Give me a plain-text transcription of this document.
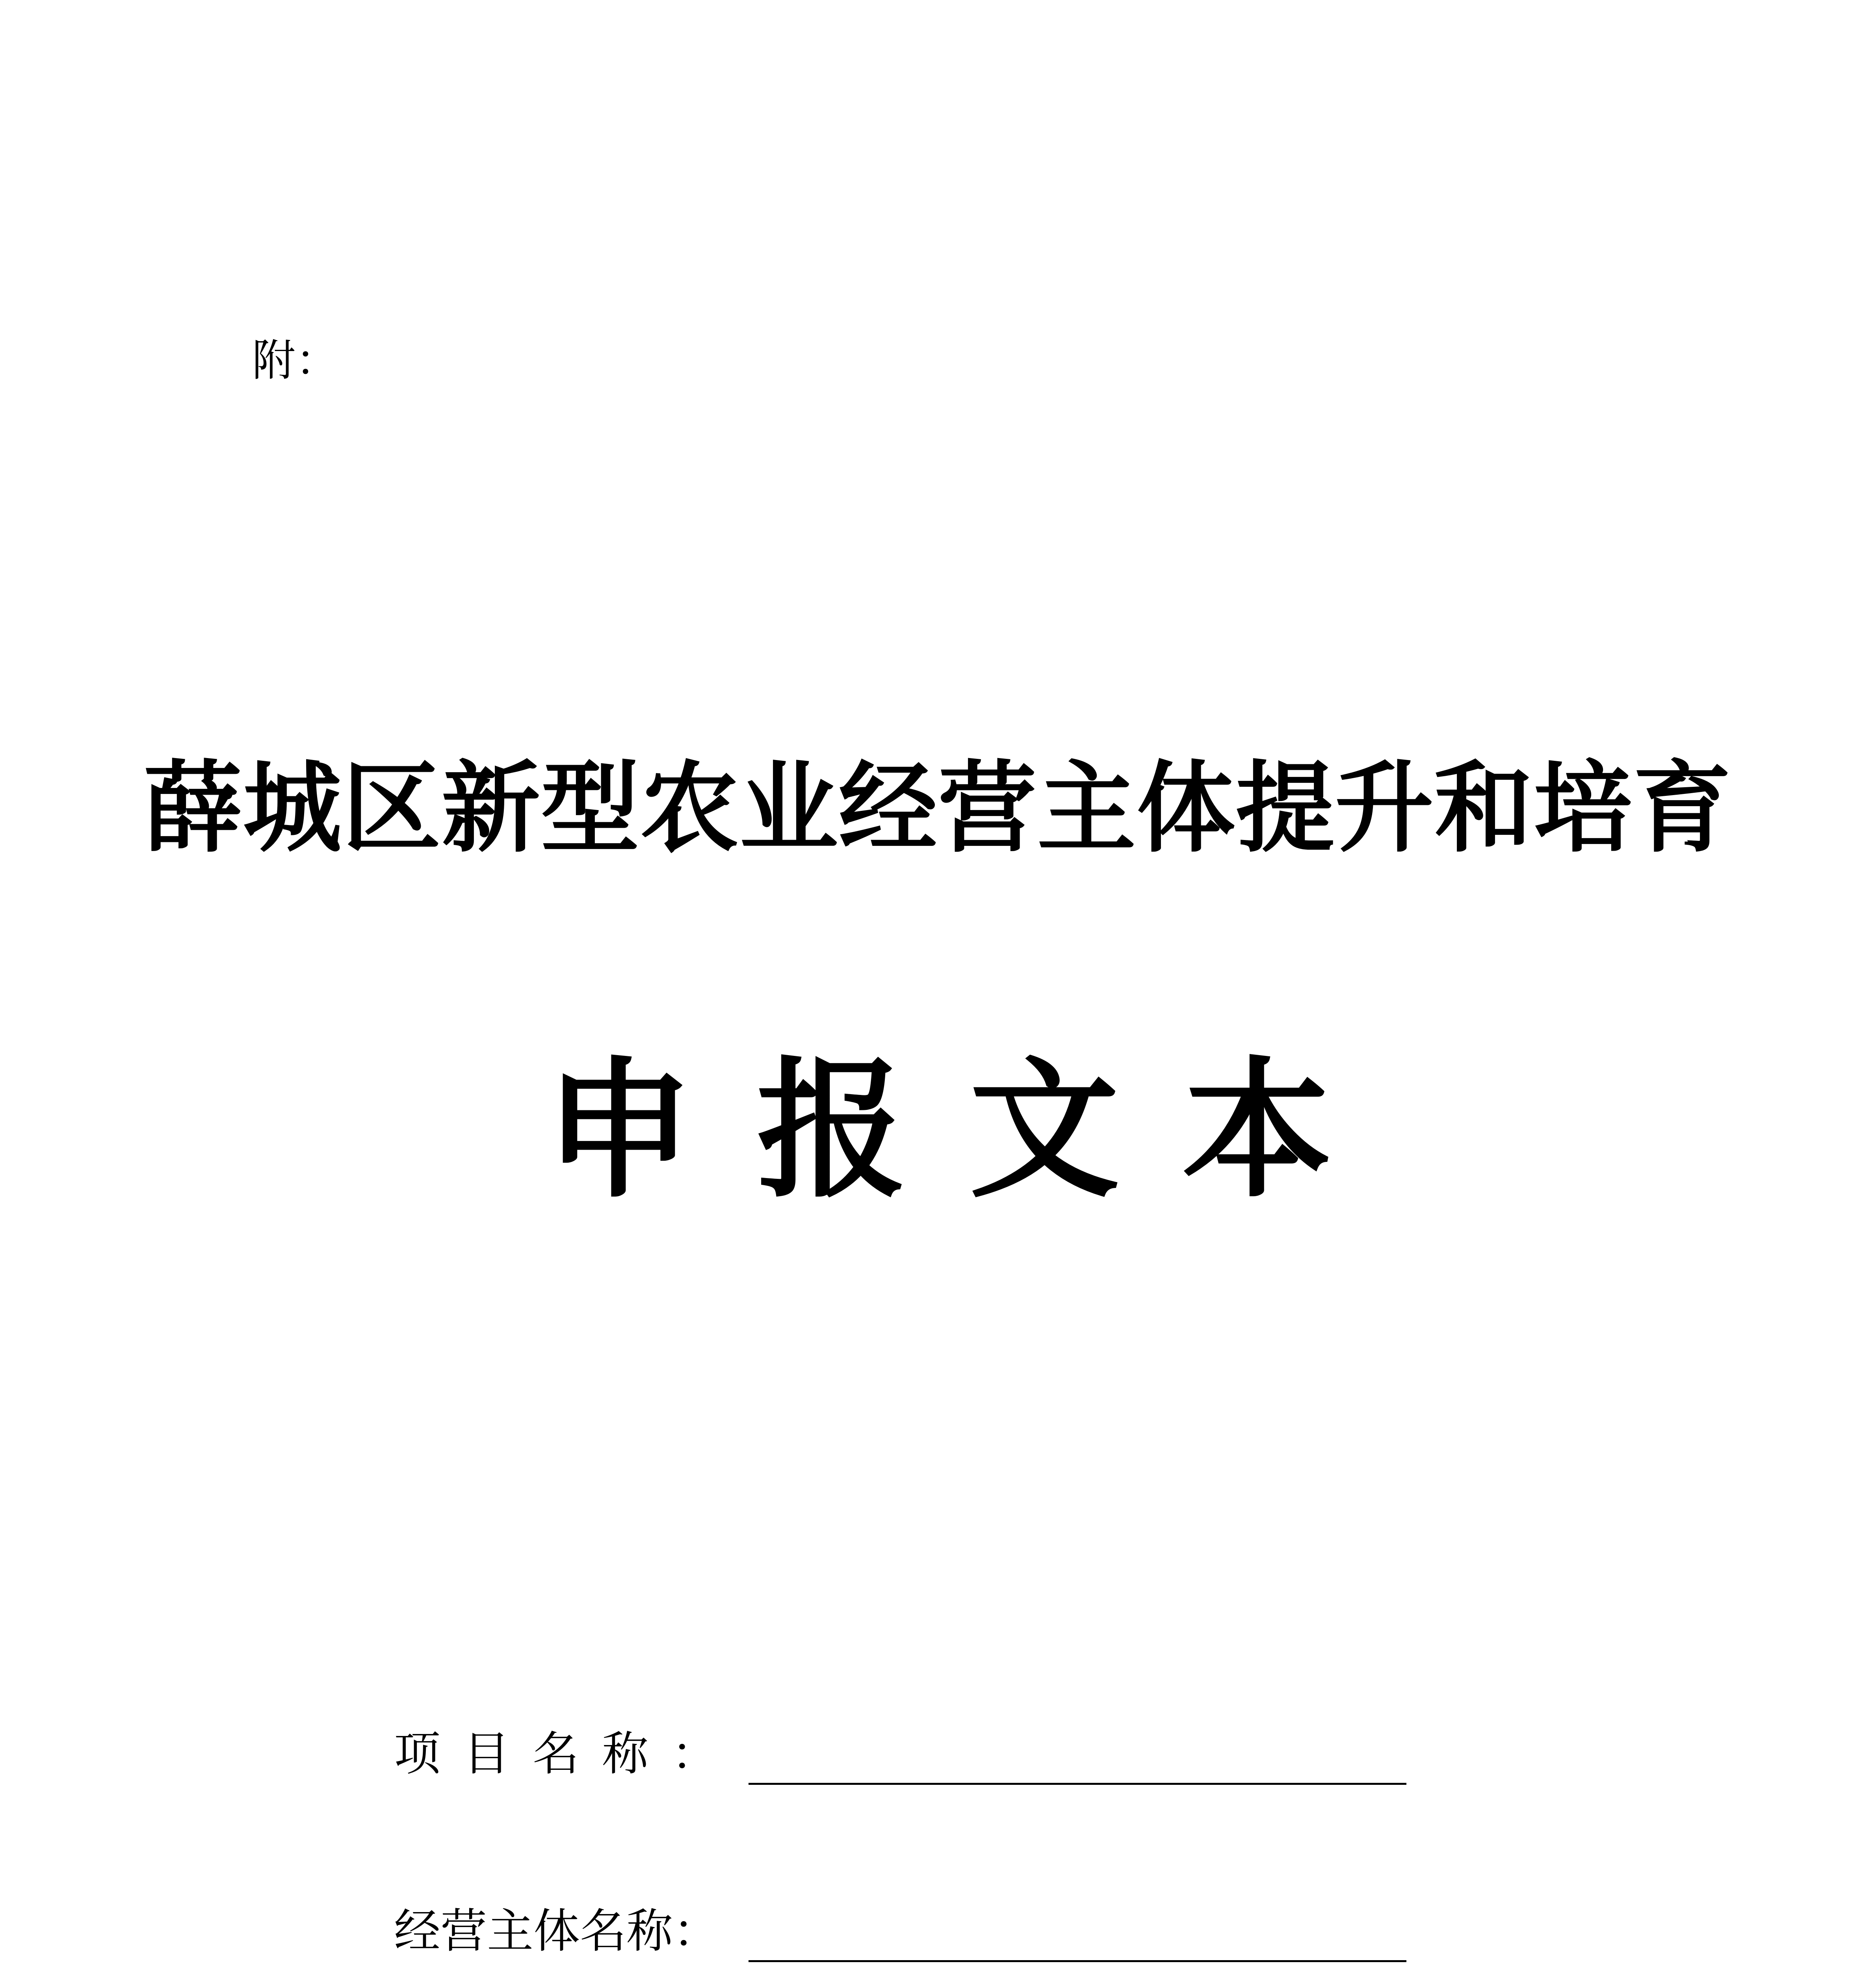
附：
薛城区新型农业经营主体提升和培育
申报文本
项目名称：
经营主体名称：
